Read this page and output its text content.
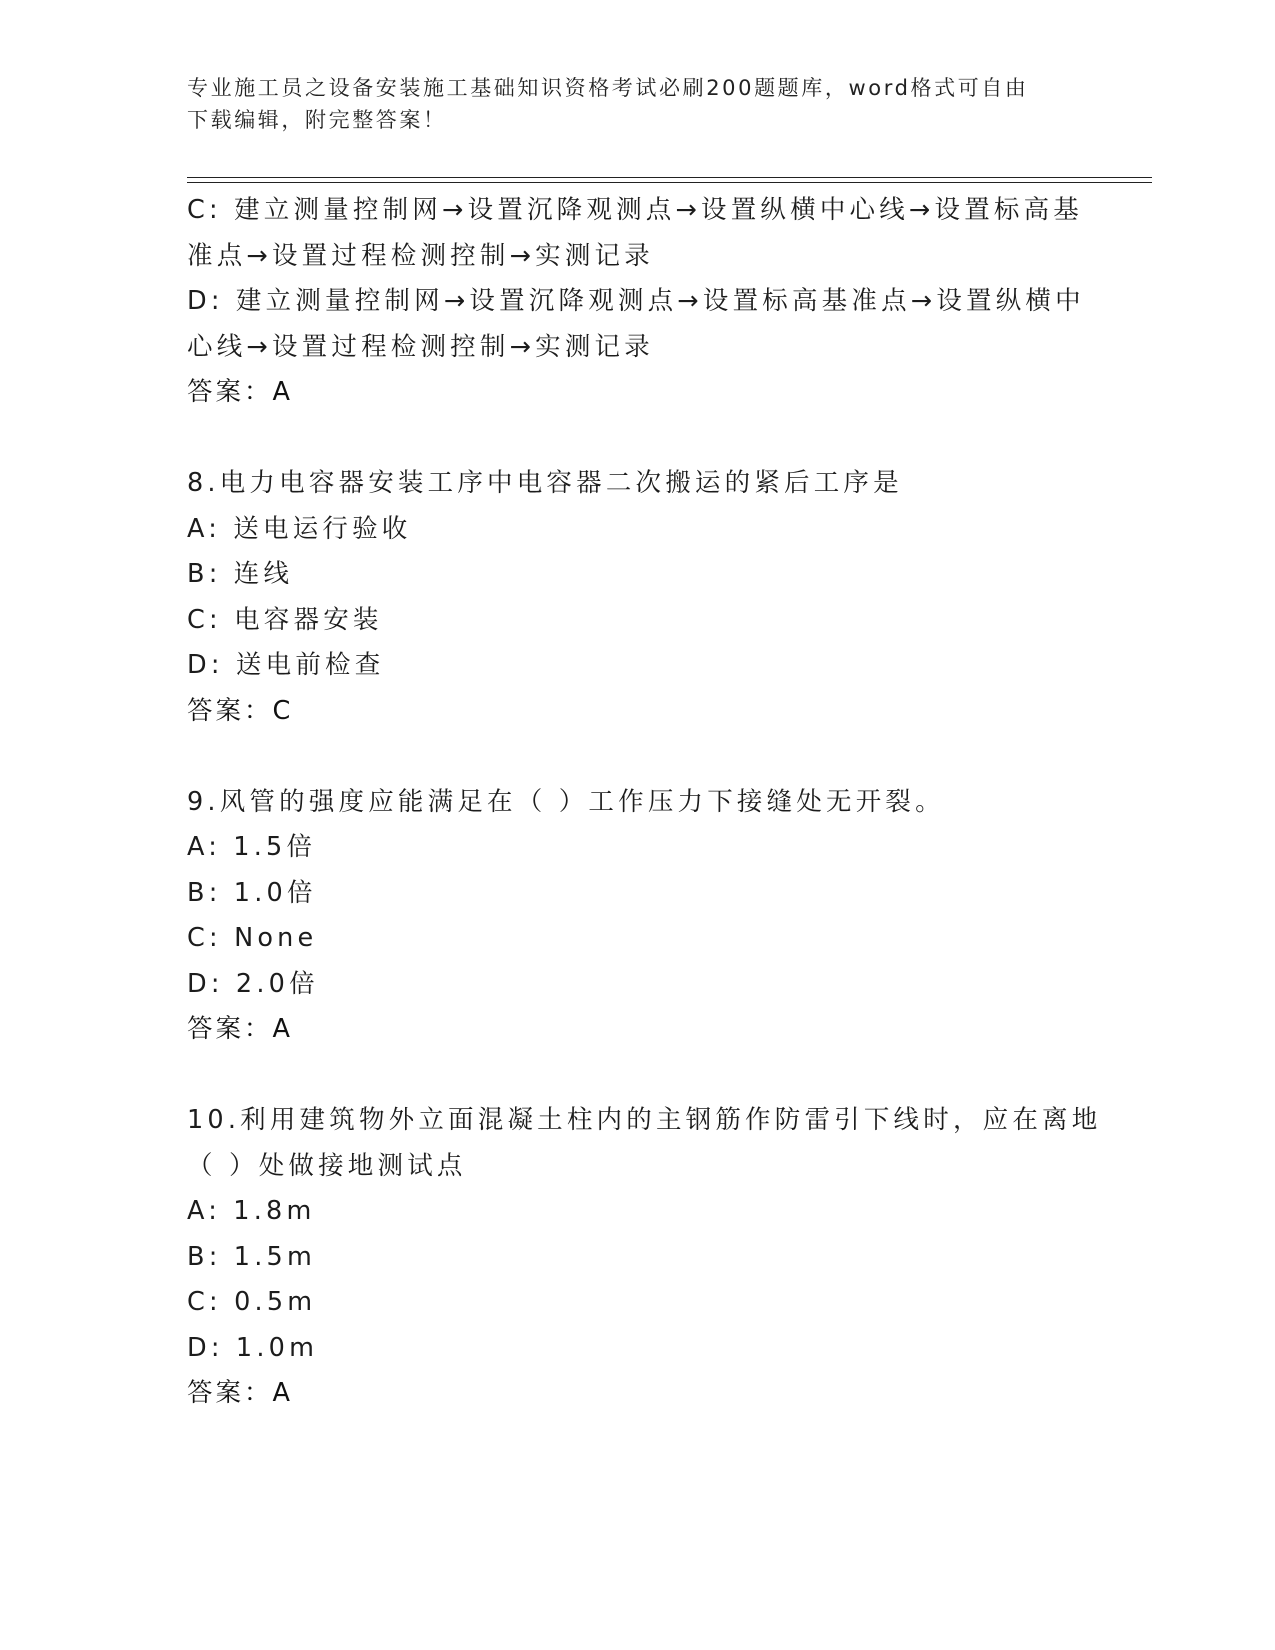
专业施工员之设备安装施工基础知识资格考试必刷200题题库，word格式可自由
下载编辑，附完整答案！
C: 建立测量控制网→设置沉降观测点→设置纵横中心线→设置标高基
准点→设置过程检测控制→实测记录
D: 建立测量控制网→设置沉降观测点→设置标高基准点→设置纵横中
心线→设置过程检测控制→实测记录
答案：A
8.电力电容器安装工序中电容器二次搬运的紧后工序是
A: 送电运行验收
B: 连线
C: 电容器安装
D: 送电前检查
答案：C
9.风管的强度应能满足在（ ）工作压力下接缝处无开裂。
A: 1.5倍
B: 1.0倍
C: None
D: 2.0倍
答案：A
10.利用建筑物外立面混凝土柱内的主钢筋作防雷引下线时，应在离地
（ ）处做接地测试点
A: 1.8m
B: 1.5m
C: 0.5m
D: 1.0m
答案：A
